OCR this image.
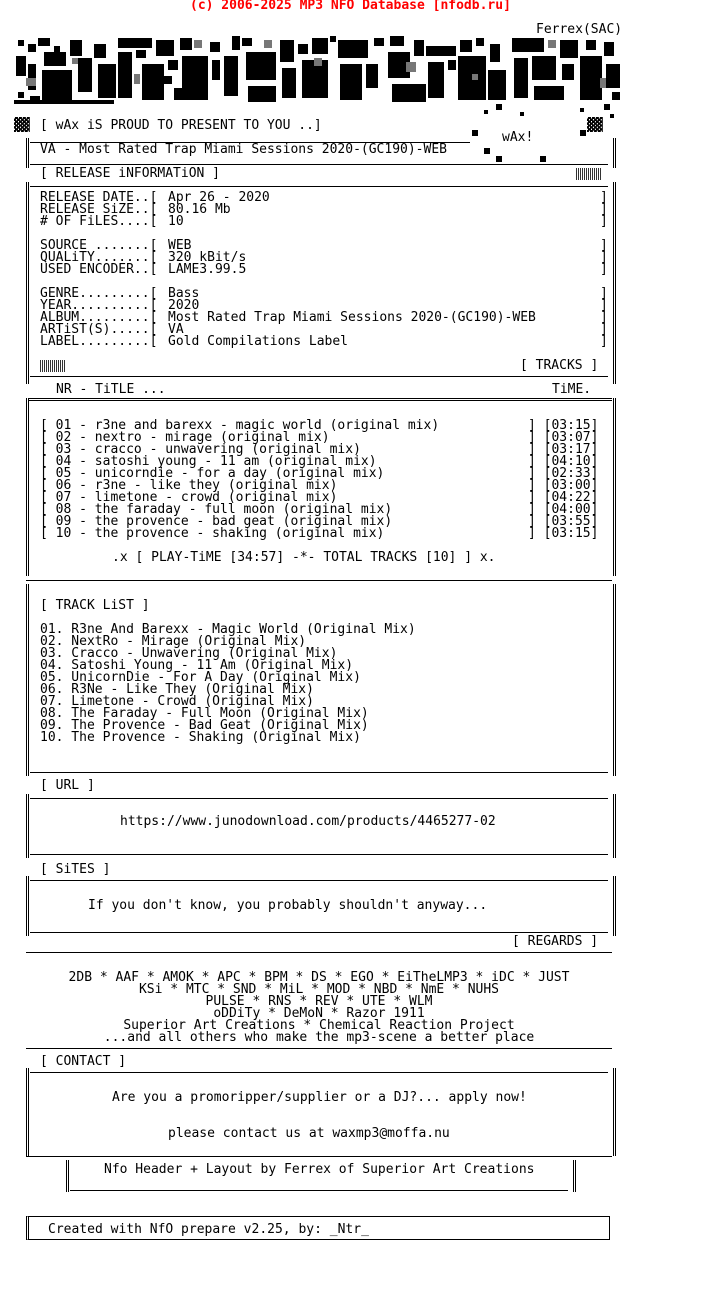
(c) 2006-2025 MP3 NFO Database [nfodb.ru]
Ferrex(SAC)
▓▓ [ wAx iS PROUD TO PRESENT TO YOU ..]	▓▓
wAx!
VA - Most Rated Trap Miami Sessions 2020-(GC190)-WEB
[ RELEASE iNFORMATiON ]
RELEASE DATE..[ Apr 26 - 2020	]
RELEASE SiZE..[ 80.16 Mb	]
# OF FiLES....[ 10	]
SOURCE .......[ WEB	]
QUALiTY.......[ 320 kBit/s	]
USED ENCODER..[ LAME3.99.5	]
GENRE.........[ Bass	]
YEAR..........[ 2020	]
ALBUM.........[ Most Rated Trap Miami Sessions 2020-(GC190)-WEB	]
ARTiST(S).....[ VA	]
LABEL.........[ Gold Compilations Label	]
[ TRACKS ]
NR - TiTLE ...	TiME.
[ 01 - r3ne and barexx - magic world (original mix)	] [03:15]
[ 02 - nextro - mirage (original mix)	] [03:07]
[ 03 - cracco - unwavering (original mix)	] [03:17]
[ 04 - satoshi young - 11 am (original mix)	] [04:10]
[ 05 - unicorndie - for a day (original mix)	] [02:33]
[ 06 - r3ne - like they (original mix)	] [03:00]
[ 07 - limetone - crowd (original mix)	] [04:22]
[ 08 - the faraday - full moon (original mix)	] [04:00]
[ 09 - the provence - bad geat (original mix)	] [03:55]
[ 10 - the provence - shaking (original mix)	] [03:15]
.x [ PLAY-TiME [34:57] -*- TOTAL TRACKS [10] ] x.
[ TRACK LiST ]
01. R3ne And Barexx - Magic World (Original Mix)
02. NextRo - Mirage (Original Mix)
03. Cracco - Unwavering (Original Mix)
04. Satoshi Young - 11 Am (Original Mix)
05. UnicornDie - For A Day (Original Mix)
06. R3Ne - Like They (Original Mix)
07. Limetone - Crowd (Original Mix)
08. The Faraday - Full Moon (Original Mix)
09. The Provence - Bad Geat (Original Mix)
10. The Provence - Shaking (Original Mix)
[ URL ]
https://www.junodownload.com/products/4465277-02
[ SiTES ]
If you don't know, you probably shouldn't anyway...
[ REGARDS ]
2DB * AAF * AMOK * APC * BPM * DS * EGO * EiTheLMP3 * iDC * JUST
KSi * MTC * SND * MiL * MOD * NBD * NmE * NUHS
PULSE * RNS * REV * UTE * WLM
oDDiTy * DeMoN * Razor 1911
Superior Art Creations * Chemical Reaction Project
...and all others who make the mp3-scene a better place
[ CONTACT ]
Are you a promoripper/supplier or a DJ?... apply now!
please contact us at waxmp3@moffa.nu
Nfo Header + Layout by Ferrex of Superior Art Creations
Created with NfO prepare v2.25, by: _Ntr_
